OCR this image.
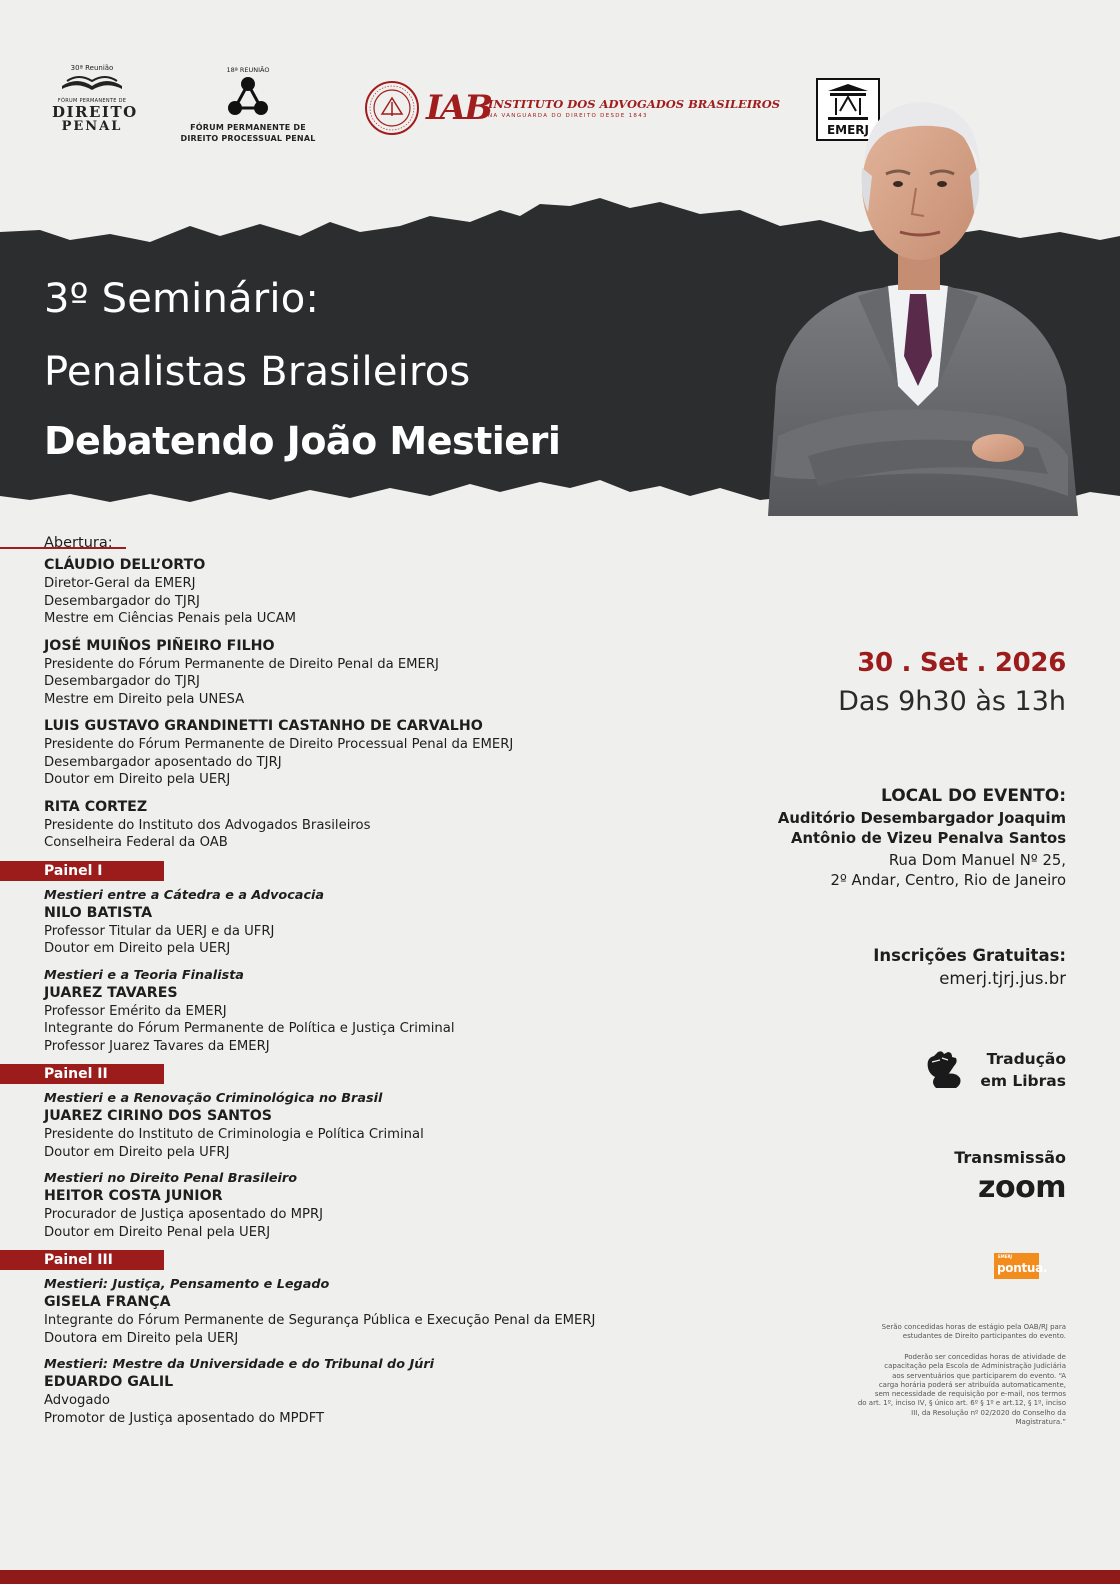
30ª Reunião
FÓRUM PERMANENTE DE
DIREITO
PENAL
18ª REUNIÃO
FÓRUM PERMANENTE DE
DIREITO PROCESSUAL PENAL
IAB
INSTITUTO DOS ADVOGADOS BRASILEIROS
NA VANGUARDA DO DIREITO DESDE 1843
EMERJ
3º Seminário:
Penalistas Brasileiros
Debatendo João Mestieri
Abertura:
CLÁUDIO DELL’ORTO
Diretor-Geral da EMERJ
Desembargador do TJRJ
Mestre em Ciências Penais pela UCAM
JOSÉ MUIÑOS PIÑEIRO FILHO
Presidente do Fórum Permanente de Direito Penal da EMERJ
Desembargador do TJRJ
Mestre em Direito pela UNESA
LUIS GUSTAVO GRANDINETTI CASTANHO DE CARVALHO
Presidente do Fórum Permanente de Direito Processual Penal da EMERJ
Desembargador aposentado do TJRJ
Doutor em Direito pela UERJ
RITA CORTEZ
Presidente do Instituto dos Advogados Brasileiros
Conselheira Federal da OAB
Painel I
Mestieri entre a Cátedra e a Advocacia
NILO BATISTA
Professor Titular da UERJ e da UFRJ
Doutor em Direito pela UERJ
Mestieri e a Teoria Finalista
JUAREZ TAVARES
Professor Emérito da EMERJ
Integrante do Fórum Permanente de Política e Justiça Criminal
Professor Juarez Tavares da EMERJ
Painel II
Mestieri e a Renovação Criminológica no Brasil
JUAREZ CIRINO DOS SANTOS
Presidente do Instituto de Criminologia e Política Criminal
Doutor em Direito pela UFRJ
Mestieri no Direito Penal Brasileiro
HEITOR COSTA JUNIOR
Procurador de Justiça aposentado do MPRJ
Doutor em Direito Penal pela UERJ
Painel III
Mestieri: Justiça, Pensamento e Legado
GISELA FRANÇA
Integrante do Fórum Permanente de Segurança Pública e Execução Penal da EMERJ
Doutora em Direito pela UERJ
Mestieri: Mestre da Universidade e do Tribunal do Júri
EDUARDO GALIL
Advogado
Promotor de Justiça aposentado do MPDFT
30 . Set . 2026
Das 9h30 às 13h
LOCAL DO EVENTO:
Auditório Desembargador Joaquim
Antônio de Vizeu Penalva Santos
Rua Dom Manuel Nº 25,
2º Andar, Centro, Rio de Janeiro
Inscrições Gratuitas:
emerj.tjrj.jus.br
Tradução
em Libras
Transmissão
zoom
EMERJ
pontua.
Serão concedidas horas de estágio pela OAB/RJ para
estudantes de Direito participantes do evento.
Poderão ser concedidas horas de atividade de
capacitação pela Escola de Administração Judiciária
aos serventuários que participarem do evento. “A
carga horária poderá ser atribuída automaticamente,
sem necessidade de requisição por e-mail, nos termos
do art. 1º, inciso IV, § único art. 6º § 1º e art.12, § 1º, inciso
III, da Resolução nº 02/2020 do Conselho da
Magistratura.”
